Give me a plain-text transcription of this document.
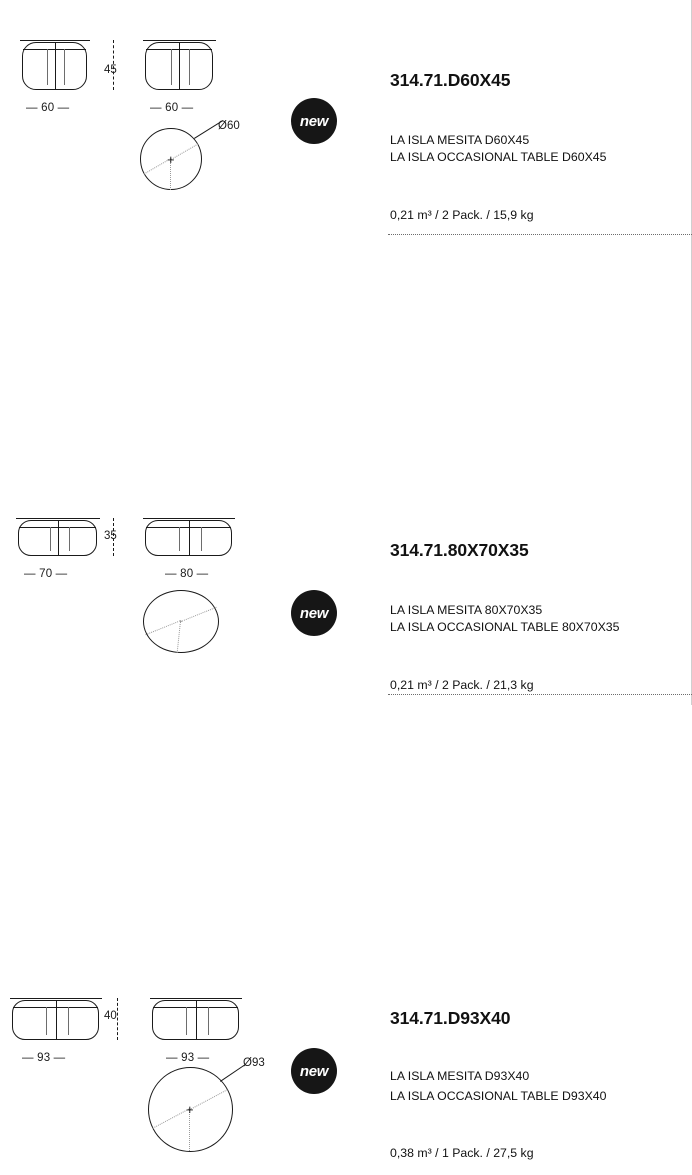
— 60 —
45
— 60 —
+
Ø60	new
314.71.D60X45
LA ISLA MESITA D60X45
LA ISLA OCCASIONAL TABLE D60X45
0,21 m³ / 2 Pack. / 15,9 kg
— 70 —
35
— 80 —
new
314.71.80X70X35
LA ISLA MESITA 80X70X35
LA ISLA OCCASIONAL TABLE 80X70X35
0,21 m³ / 2 Pack. / 21,3 kg
— 93 —
40
— 93 —
+
Ø93	new
314.71.D93X40
LA ISLA MESITA D93X40
LA ISLA OCCASIONAL TABLE D93X40
0,38 m³ / 1 Pack. / 27,5 kg
